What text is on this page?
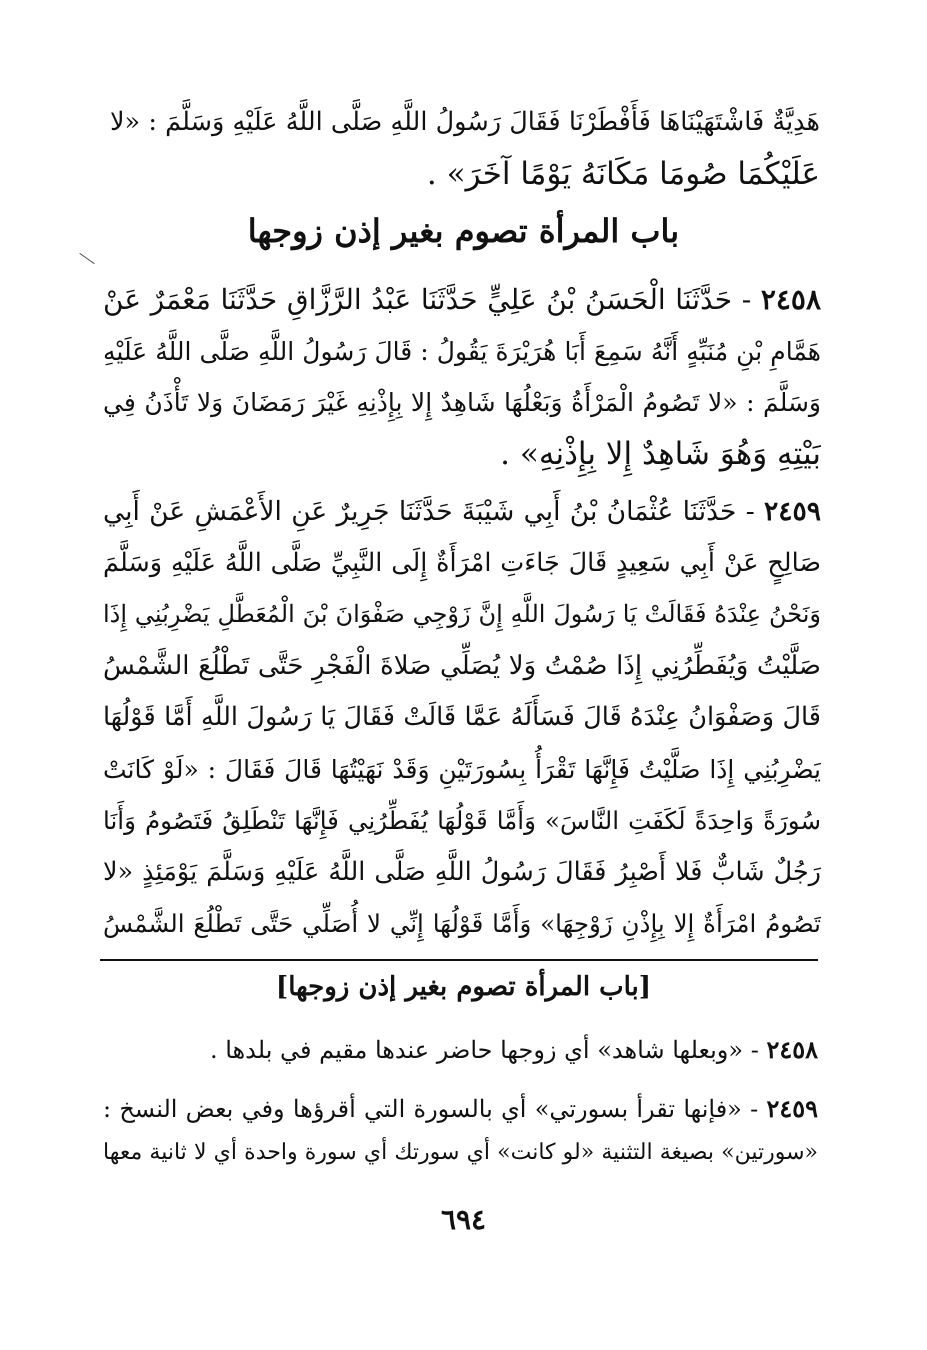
هَدِيَّةٌ فَاشْتَهَيْنَاهَا فَأَفْطَرْنَا فَقَالَ رَسُولُ اللَّهِ صَلَّى اللَّهُ عَلَيْهِ وَسَلَّمَ : «لا
عَلَيْكُمَا صُومَا مَكَانَهُ يَوْمًا آخَرَ» .
باب المرأة تصوم بغير إذن زوجها
٢٤٥٨ - حَدَّثَنَا الْحَسَنُ بْنُ عَلِيٍّ حَدَّثَنَا عَبْدُ الرَّزَّاقِ حَدَّثَنَا مَعْمَرٌ عَنْ
هَمَّامِ بْنِ مُنَبِّهٍ أَنَّهُ سَمِعَ أَبَا هُرَيْرَةَ يَقُولُ : قَالَ رَسُولُ اللَّهِ صَلَّى اللَّهُ عَلَيْهِ
وَسَلَّمَ : «لا تَصُومُ الْمَرْأَةُ وَبَعْلُهَا شَاهِدٌ إِلا بِإِذْنِهِ غَيْرَ رَمَضَانَ وَلا تَأْذَنُ فِي
بَيْتِهِ وَهُوَ شَاهِدٌ إِلا بِإِذْنِهِ» .
٢٤٥٩ - حَدَّثَنَا عُثْمَانُ بْنُ أَبِي شَيْبَةَ حَدَّثَنَا جَرِيرٌ عَنِ الأَعْمَشِ عَنْ أَبِي
صَالِحٍ عَنْ أَبِي سَعِيدٍ قَالَ جَاءَتِ امْرَأَةٌ إِلَى النَّبِيِّ صَلَّى اللَّهُ عَلَيْهِ وَسَلَّمَ
وَنَحْنُ عِنْدَهُ فَقَالَتْ يَا رَسُولَ اللَّهِ إِنَّ زَوْجِي صَفْوَانَ بْنَ الْمُعَطَّلِ يَضْرِبُنِي إِذَا
صَلَّيْتُ وَيُفَطِّرُنِي إِذَا صُمْتُ وَلا يُصَلِّي صَلاةَ الْفَجْرِ حَتَّى تَطْلُعَ الشَّمْسُ
قَالَ وَصَفْوَانُ عِنْدَهُ قَالَ فَسَأَلَهُ عَمَّا قَالَتْ فَقَالَ يَا رَسُولَ اللَّهِ أَمَّا قَوْلُهَا
يَضْرِبُنِي إِذَا صَلَّيْتُ فَإِنَّهَا تَقْرَأُ بِسُورَتَيْنِ وَقَدْ نَهَيْتُهَا قَالَ فَقَالَ : «لَوْ كَانَتْ
سُورَةً وَاحِدَةً لَكَفَتِ النَّاسَ» وَأَمَّا قَوْلُهَا يُفَطِّرُنِي فَإِنَّهَا تَنْطَلِقُ فَتَصُومُ وَأَنَا
رَجُلٌ شَابٌّ فَلا أَصْبِرُ فَقَالَ رَسُولُ اللَّهِ صَلَّى اللَّهُ عَلَيْهِ وَسَلَّمَ يَوْمَئِذٍ «لا
تَصُومُ امْرَأَةٌ إِلا بِإِذْنِ زَوْجِهَا» وَأَمَّا قَوْلُهَا إِنِّي لا أُصَلِّي حَتَّى تَطْلُعَ الشَّمْسُ
[باب المرأة تصوم بغير إذن زوجها]
٢٤٥٨ - «وبعلها شاهد» أي زوجها حاضر عندها مقيم في بلدها .
٢٤٥٩ - «فإنها تقرأ بسورتي» أي بالسورة التي أقرؤها وفي بعض النسخ :
«سورتين» بصيغة التثنية «لو كانت» أي سورتك أي سورة واحدة أي لا ثانية معها
٦٩٤
